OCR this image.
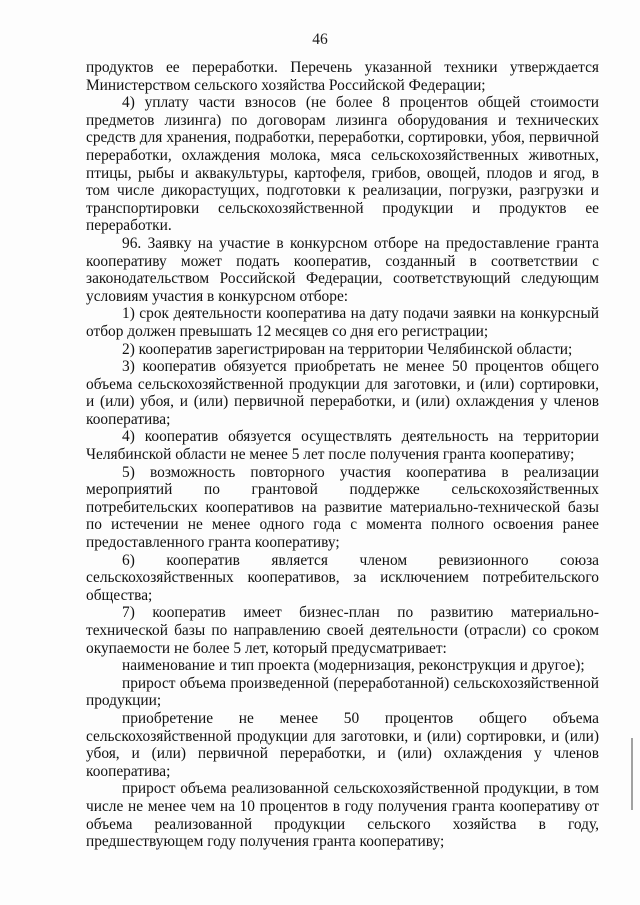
46

продуктов ее переработки. Перечень указанной техники утверждается Министерством сельского хозяйства Российской Федерации;

4) уплату части взносов (не более 8 процентов общей стоимости предметов лизинга) по договорам лизинга оборудования и технических средств для хранения, подработки, переработки, сортировки, убоя, первичной переработки, охлаждения молока, мяса сельскохозяйственных животных, птицы, рыбы и аквакультуры, картофеля, грибов, овощей, плодов и ягод, в том числе дикорастущих, подготовки к реализации, погрузки, разгрузки и транспортировки сельскохозяйственной продукции и продуктов ее переработки.

96. Заявку на участие в конкурсном отборе на предоставление гранта кооперативу может подать кооператив, созданный в соответствии с законодательством Российской Федерации, соответствующий следующим условиям участия в конкурсном отборе:

1) срок деятельности кооператива на дату подачи заявки на конкурсный отбор должен превышать 12 месяцев со дня его регистрации;

2) кооператив зарегистрирован на территории Челябинской области;

3) кооператив обязуется приобретать не менее 50 процентов общего объема сельскохозяйственной продукции для заготовки, и (или) сортировки, и (или) убоя, и (или) первичной переработки, и (или) охлаждения у членов кооператива;

4) кооператив обязуется осуществлять деятельность на территории Челябинской области не менее 5 лет после получения гранта кооперативу;

5) возможность повторного участия кооператива в реализации мероприятий по грантовой поддержке сельскохозяйственных потребительских кооперативов на развитие материально-технической базы по истечении не менее одного года с момента полного освоения ранее предоставленного гранта кооперативу;

6) кооператив является членом ревизионного союза сельскохозяйственных кооперативов, за исключением потребительского общества;

7) кооператив имеет бизнес-план по развитию материально-технической базы по направлению своей деятельности (отрасли) со сроком окупаемости не более 5 лет, который предусматривает:

наименование и тип проекта (модернизация, реконструкция и другое);

прирост объема произведенной (переработанной) сельскохозяйственной продукции;

приобретение не менее 50 процентов общего объема сельскохозяйственной продукции для заготовки, и (или) сортировки, и (или) убоя, и (или) первичной переработки, и (или) охлаждения у членов кооператива;

прирост объема реализованной сельскохозяйственной продукции, в том числе не менее чем на 10 процентов в году получения гранта кооперативу от объема реализованной продукции сельского хозяйства в году, предшествующем году получения гранта кооперативу;
